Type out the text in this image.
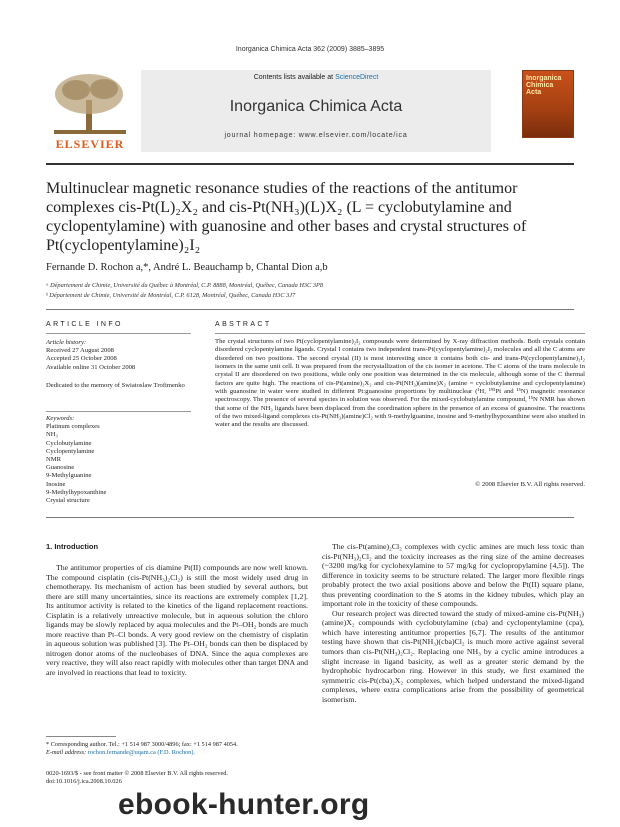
Inorganica Chimica Acta 362 (2009) 3885–3895
ELSEVIER
Contents lists available at ScienceDirect
Inorganica Chimica Acta
journal homepage: www.elsevier.com/locate/ica
Inorganica Chimica Acta
Multinuclear magnetic resonance studies of the reactions of the antitumor complexes cis-Pt(L)₂X₂ and cis-Pt(NH₃)(L)X₂ (L = cyclobutylamine and cyclopentylamine) with guanosine and other bases and crystal structures of Pt(cyclopentylamine)₂I₂
Fernande D. Rochon a,*, André L. Beauchamp b, Chantal Dion a,b
ᵃ Département de Chimie, Université du Québec à Montréal, C.P. 8888, Montréal, Québec, Canada H3C 3P8
ᵇ Département de Chimie, Université de Montréal, C.P. 6128, Montréal, Québec, Canada H3C 3J7
ARTICLE INFO	ABSTRACT
Article history:
Received 27 August 2008
Accepted 25 October 2008
Available online 31 October 2008
Dedicated to the memory of Swiatoslaw Trofimenko
Keywords:
Platinum complexes
NH₃
Cyclobutylamine
Cyclopentylamine
NMR
Guanosine
9-Methylguanine
Inosine
9-Methylhypoxanthine
Crystal structure
The crystal structures of two Pt(cyclopentylamine)₂I₂ compounds were determined by X-ray diffraction methods. Both crystals contain disordered cyclopentylamine ligands. Crystal I contains two independent trans-Pt(cyclopentylamine)₂I₂ molecules and all the C atoms are disordered on two positions. The second crystal (II) is most interesting since it contains both cis- and trans-Pt(cyclopentylamine)₂I₂ isomers in the same unit cell. It was prepared from the recrystallization of the cis isomer in acetone. The C atoms of the trans molecule in crystal II are disordered on two positions, while only one position was determined in the cis molecule, although some of the C thermal factors are quite high. The reactions of cis-Pt(amine)₂X₂ and cis-Pt(NH₃)(amine)X₂ (amine = cyclobutylamine and cyclopentylamine) with guanosine in water were studied in different Pt:guanosine proportions by multinuclear (¹H, ¹⁹⁵Pt and ¹⁵N) magnetic resonance spectroscopy. The presence of several species in solution was observed. For the mixed-cyclobutylamine compound, ¹⁵N NMR has shown that some of the NH₃ ligands have been displaced from the coordination sphere in the presence of an excess of guanosine. The reactions of the two mixed-ligand complexes cis-Pt(NH₃)(amine)Cl₂ with 9-methylguanine, inosine and 9-methylhypoxanthine were also studied in water and the results are discussed.
© 2008 Elsevier B.V. All rights reserved.
1. Introduction

The antitumor properties of cis diamine Pt(II) compounds are now well known. The compound cisplatin (cis-Pt(NH₃)₂Cl₂) is still the most widely used drug in chemotherapy. Its mechanism of action has been studied by several authors, but there are still many uncertainties, since its reactions are extremely complex [1,2]. Its antitumor activity is related to the kinetics of the ligand replacement reactions. Cisplatin is a relatively unreactive molecule, but in aqueous solution the chloro ligands may be slowly replaced by aqua molecules and the Pt–OH₂ bonds are much more reactive than Pt–Cl bonds. A very good review on the chemistry of cisplatin in aqueous solution was published [3]. The Pt–OH₂ bonds can then be displaced by nitrogen donor atoms of the nucleobases of DNA. Since the aqua complexes are very reactive, they will also react rapidly with molecules other than target DNA and are involved in reactions that lead to toxicity.

The cis-Pt(amine)₂Cl₂ complexes with cyclic amines are much less toxic than cis-Pt(NH₃)₂Cl₂ and the toxicity increases as the ring size of the amine decreases (~3200 mg/kg for cyclohexylamine to 57 mg/kg for cyclopropylamine [4,5]). The difference in toxicity seems to be structure related. The larger more flexible rings probably protect the two axial positions above and below the Pt(II) square plane, thus preventing coordination to the S atoms in the kidney tubules, which play an important role in the toxicity of these compounds.

Our research project was directed toward the study of mixed-amine cis-Pt(NH₃)(amine)X₂ compounds with cyclobutylamine (cba) and cyclopentylamine (cpa), which have interesting antitumor properties [6,7]. The results of the antitumor testing have shown that cis-Pt(NH₃)(cba)Cl₂ is much more active against several tumors than cis-Pt(NH₃)₂Cl₂. Replacing one NH₃ by a cyclic amine introduces a slight increase in ligand basicity, as well as a greater steric demand by the hydrophobic hydrocarbon ring. However in this study, we first examined the symmetric cis-Pt(cba)₂X₂ complexes, which helped understand the mixed-ligand complexes, where extra complications arise from the possibility of geometrical isomerism.

* Corresponding author. Tel.: +1 514 987 3000/4896; fax: +1 514 987 4054.
E-mail address: rochon.fernande@uqam.ca (F.D. Rochon).
0020-1693/$ - see front matter © 2008 Elsevier B.V. All rights reserved.
doi:10.1016/j.ica.2008.10.026
ebook-hunter.org
